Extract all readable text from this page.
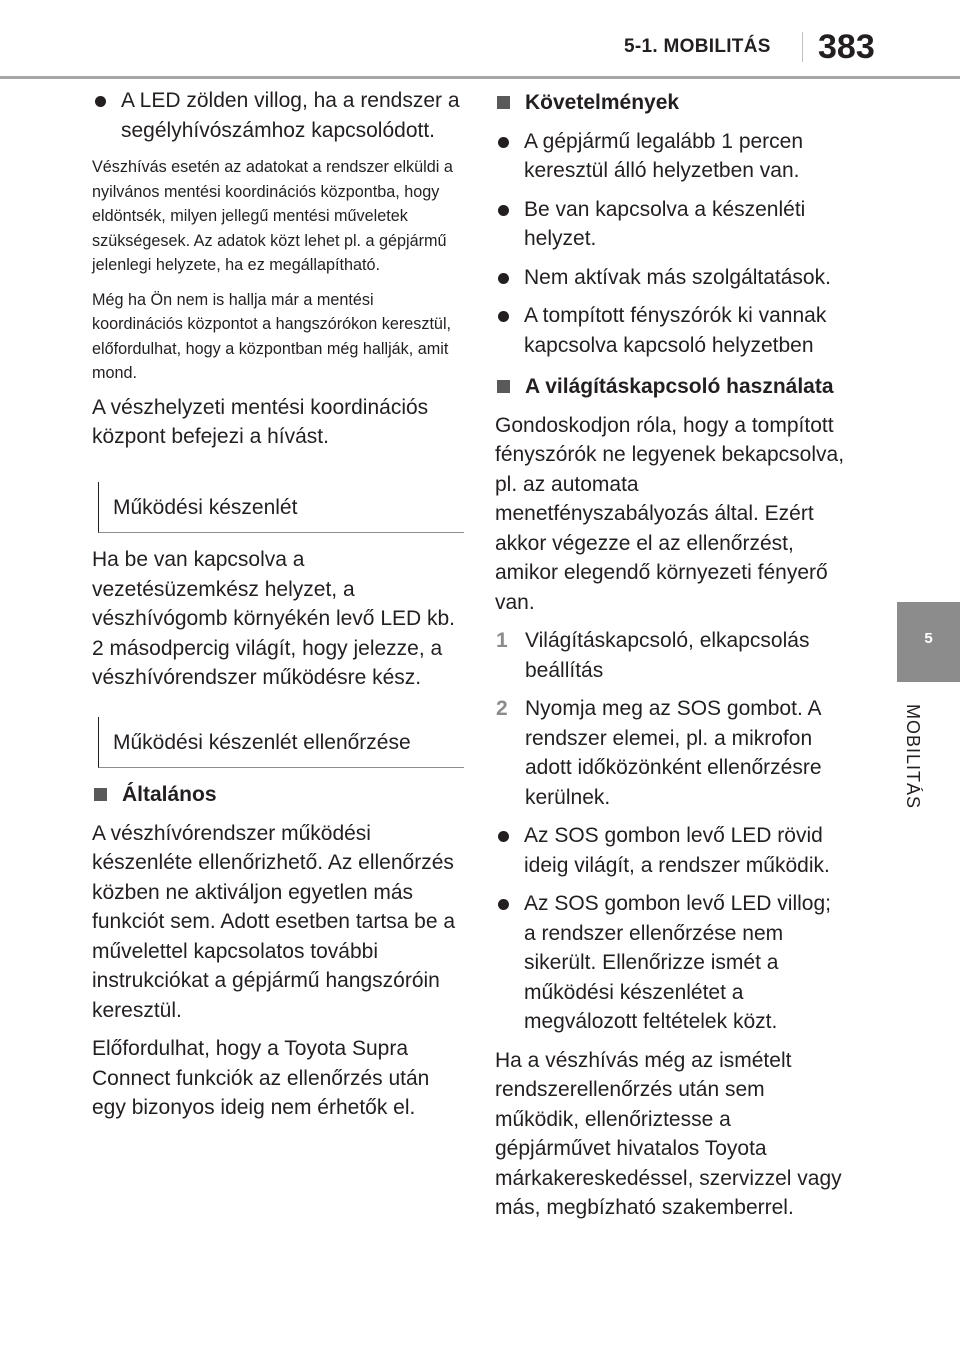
5-1. MOBILITÁS 383
5
MOBILITÁS
A LED zölden villog, ha a rendszer a segélyhívószámhoz kapcsolódott.

Vészhívás esetén az adatokat a rendszer elküldi a nyilvános mentési koordinációs központba, hogy eldöntsék, milyen jellegű mentési műveletek szükségesek. Az adatok közt lehet pl. a gépjármű jelenlegi helyzete, ha ez megállapítható.

Még ha Ön nem is hallja már a mentési koordinációs központot a hangszórókon keresztül, előfordulhat, hogy a központban még hallják, amit mond.

A vészhelyzeti mentési koordinációs központ befejezi a hívást.

Működési készenlét

Ha be van kapcsolva a vezetésüzemkész helyzet, a vészhívógomb környékén levő LED kb. 2 másodpercig világít, hogy jelezze, a vészhívórendszer működésre kész.

Működési készenlét ellenőrzése
Általános

A vészhívórendszer működési készenléte ellenőrizhető. Az ellenőrzés közben ne aktiváljon egyetlen más funkciót sem. Adott esetben tartsa be a művelettel kapcsolatos további instrukciókat a gépjármű hangszóróin keresztül.

Előfordulhat, hogy a Toyota Supra Connect funkciók az ellenőrzés után egy bizonyos ideig nem érhetők el.

Követelmények
A gépjármű legalább 1 percen keresztül álló helyzetben van.
Be van kapcsolva a készenléti helyzet.
Nem aktívak más szolgáltatások.
A tompított fényszórók ki vannak kapcsolva kapcsoló helyzetben
A világításkapcsoló használata

Gondoskodjon róla, hogy a tompított fényszórók ne legyenek bekapcsolva, pl. az automata menetfényszabályozás által. Ezért akkor végezze el az ellenőrzést, amikor elegendő környezeti fényerő van.

1 Világításkapcsoló, elkapcsolás beállítás
2 Nyomja meg az SOS gombot. A rendszer elemei, pl. a mikrofon adott időközönként ellenőrzésre kerülnek.
Az SOS gombon levő LED rövid ideig világít, a rendszer működik.
Az SOS gombon levő LED villog; a rendszer ellenőrzése nem sikerült. Ellenőrizze ismét a működési készenlétet a megválozott feltételek közt.

Ha a vészhívás még az ismételt rendszerellenőrzés után sem működik, ellenőriztesse a gépjárművet hivatalos Toyota márkakereskedéssel, szervizzel vagy más, megbízható szakemberrel.
